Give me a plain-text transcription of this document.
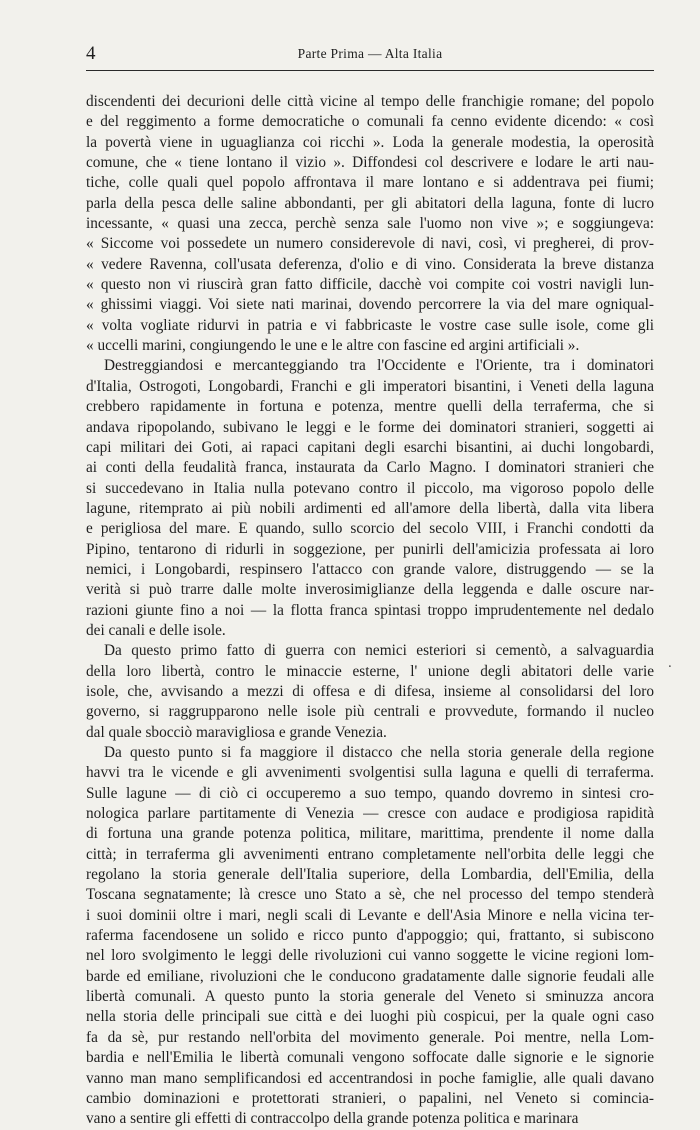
4	Parte Prima — Alta Italia
discendenti dei decurioni delle città vicine al tempo delle franchigie romane; del popolo
e del reggimento a forme democratiche o comunali fa cenno evidente dicendo: « così
la povertà viene in uguaglianza coi ricchi ». Loda la generale modestia, la operosità
comune, che « tiene lontano il vizio ». Diffondesi col descrivere e lodare le arti nau-
tiche, colle quali quel popolo affrontava il mare lontano e si addentrava pei fiumi;
parla della pesca delle saline abbondanti, per gli abitatori della laguna, fonte di lucro
incessante, « quasi una zecca, perchè senza sale l'uomo non vive »; e soggiungeva:
« Siccome voi possedete un numero considerevole di navi, così, vi pregherei, di prov-
« vedere Ravenna, coll'usata deferenza, d'olio e di vino. Considerata la breve distanza
« questo non vi riuscirà gran fatto difficile, dacchè voi compite coi vostri navigli lun-
« ghissimi viaggi. Voi siete nati marinai, dovendo percorrere la via del mare ogniqual-
« volta vogliate ridurvi in patria e vi fabbricaste le vostre case sulle isole, come gli
« uccelli marini, congiungendo le une e le altre con fascine ed argini artificiali ».
Destreggiandosi e mercanteggiando tra l'Occidente e l'Oriente, tra i dominatori
d'Italia, Ostrogoti, Longobardi, Franchi e gli imperatori bisantini, i Veneti della laguna
crebbero rapidamente in fortuna e potenza, mentre quelli della terraferma, che si
andava ripopolando, subivano le leggi e le forme dei dominatori stranieri, soggetti ai
capi militari dei Goti, ai rapaci capitani degli esarchi bisantini, ai duchi longobardi,
ai conti della feudalità franca, instaurata da Carlo Magno. I dominatori stranieri che
si succedevano in Italia nulla potevano contro il piccolo, ma vigoroso popolo delle
lagune, ritemprato ai più nobili ardimenti ed all'amore della libertà, dalla vita libera
e perigliosa del mare. E quando, sullo scorcio del secolo VIII, i Franchi condotti da
Pipino, tentarono di ridurli in soggezione, per punirli dell'amicizia professata ai loro
nemici, i Longobardi, respinsero l'attacco con grande valore, distruggendo — se la
verità si può trarre dalle molte inverosimiglianze della leggenda e dalle oscure nar-
razioni giunte fino a noi — la flotta franca spintasi troppo imprudentemente nel dedalo
dei canali e delle isole.
Da questo primo fatto di guerra con nemici esteriori si cementò, a salvaguardia
della loro libertà, contro le minaccie esterne, l' unione degli abitatori delle varie
isole, che, avvisando a mezzi di offesa e di difesa, insieme al consolidarsi del loro
governo, si raggrupparono nelle isole più centrali e provvedute, formando il nucleo
dal quale sbocciò maravigliosa e grande Venezia.
Da questo punto si fa maggiore il distacco che nella storia generale della regione
havvi tra le vicende e gli avvenimenti svolgentisi sulla laguna e quelli di terraferma.
Sulle lagune — di ciò ci occuperemo a suo tempo, quando dovremo in sintesi cro-
nologica parlare partitamente di Venezia — cresce con audace e prodigiosa rapidità
di fortuna una grande potenza politica, militare, marittima, prendente il nome dalla
città; in terraferma gli avvenimenti entrano completamente nell'orbita delle leggi che
regolano la storia generale dell'Italia superiore, della Lombardia, dell'Emilia, della
Toscana segnatamente; là cresce uno Stato a sè, che nel processo del tempo stenderà
i suoi dominii oltre i mari, negli scali di Levante e dell'Asia Minore e nella vicina ter-
raferma facendosene un solido e ricco punto d'appoggio; qui, frattanto, si subiscono
nel loro svolgimento le leggi delle rivoluzioni cui vanno soggette le vicine regioni lom-
barde ed emiliane, rivoluzioni che le conducono gradatamente dalle signorie feudali alle
libertà comunali. A questo punto la storia generale del Veneto si sminuzza ancora
nella storia delle principali sue città e dei luoghi più cospicui, per la quale ogni caso
fa da sè, pur restando nell'orbita del movimento generale. Poi mentre, nella Lom-
bardia e nell'Emilia le libertà comunali vengono soffocate dalle signorie e le signorie
vanno man mano semplificandosi ed accentrandosi in poche famiglie, alle quali davano
cambio dominazioni e protettorati stranieri, o papalini, nel Veneto si comincia-
vano a sentire gli effetti di contraccolpo della grande potenza politica e marinara
.
